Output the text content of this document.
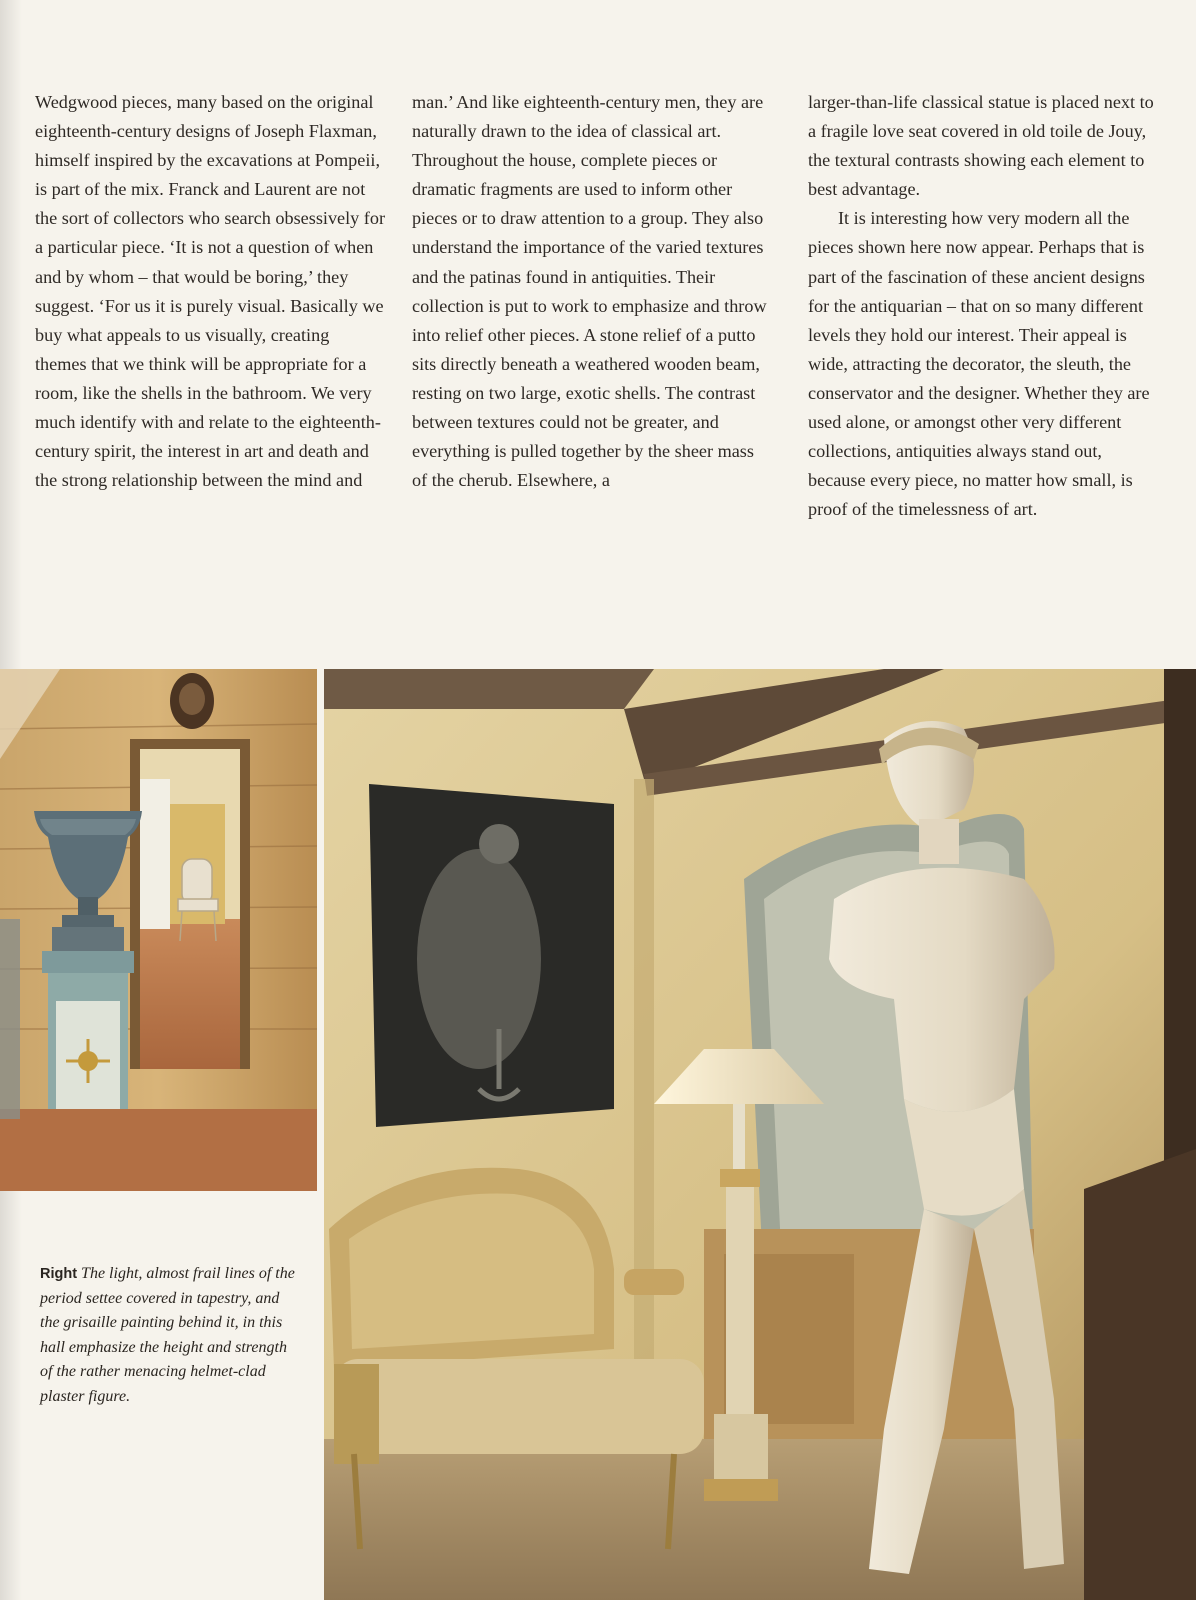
Wedgwood pieces, many based on the original eighteenth-century designs of Joseph Flaxman, himself inspired by the excavations at Pompeii, is part of the mix. Franck and Laurent are not the sort of collectors who search obsessively for a particular piece. ‘It is not a question of when and by whom – that would be boring,’ they suggest. ‘For us it is purely visual. Basically we buy what appeals to us visually, creating themes that we think will be appropriate for a room, like the shells in the bathroom. We very much identify with and relate to the eighteenth-century spirit, the interest in art and death and the strong relationship between the mind and

man.’ And like eighteenth-century men, they are naturally drawn to the idea of classical art. Throughout the house, complete pieces or dramatic fragments are used to inform other pieces or to draw attention to a group. They also understand the importance of the varied textures and the patinas found in antiquities. Their collection is put to work to emphasize and throw into relief other pieces. A stone relief of a putto sits directly beneath a weathered wooden beam, resting on two large, exotic shells. The contrast between textures could not be greater, and everything is pulled together by the sheer mass of the cherub. Elsewhere, a

larger-than-life classical statue is placed next to a fragile love seat covered in old toile de Jouy, the textural contrasts showing each element to best advantage.

It is interesting how very modern all the pieces shown here now appear. Perhaps that is part of the fascination of these ancient designs for the antiquarian – that on so many different levels they hold our interest. Their appeal is wide, attracting the decorator, the sleuth, the conservator and the designer. Whether they are used alone, or amongst other very different collections, antiquities always stand out, because every piece, no matter how small, is proof of the timelessness of art.

Right The light, almost frail lines of the period settee covered in tapestry, and the grisaille painting behind it, in this hall emphasize the height and strength of the rather menacing helmet-clad plaster figure.
